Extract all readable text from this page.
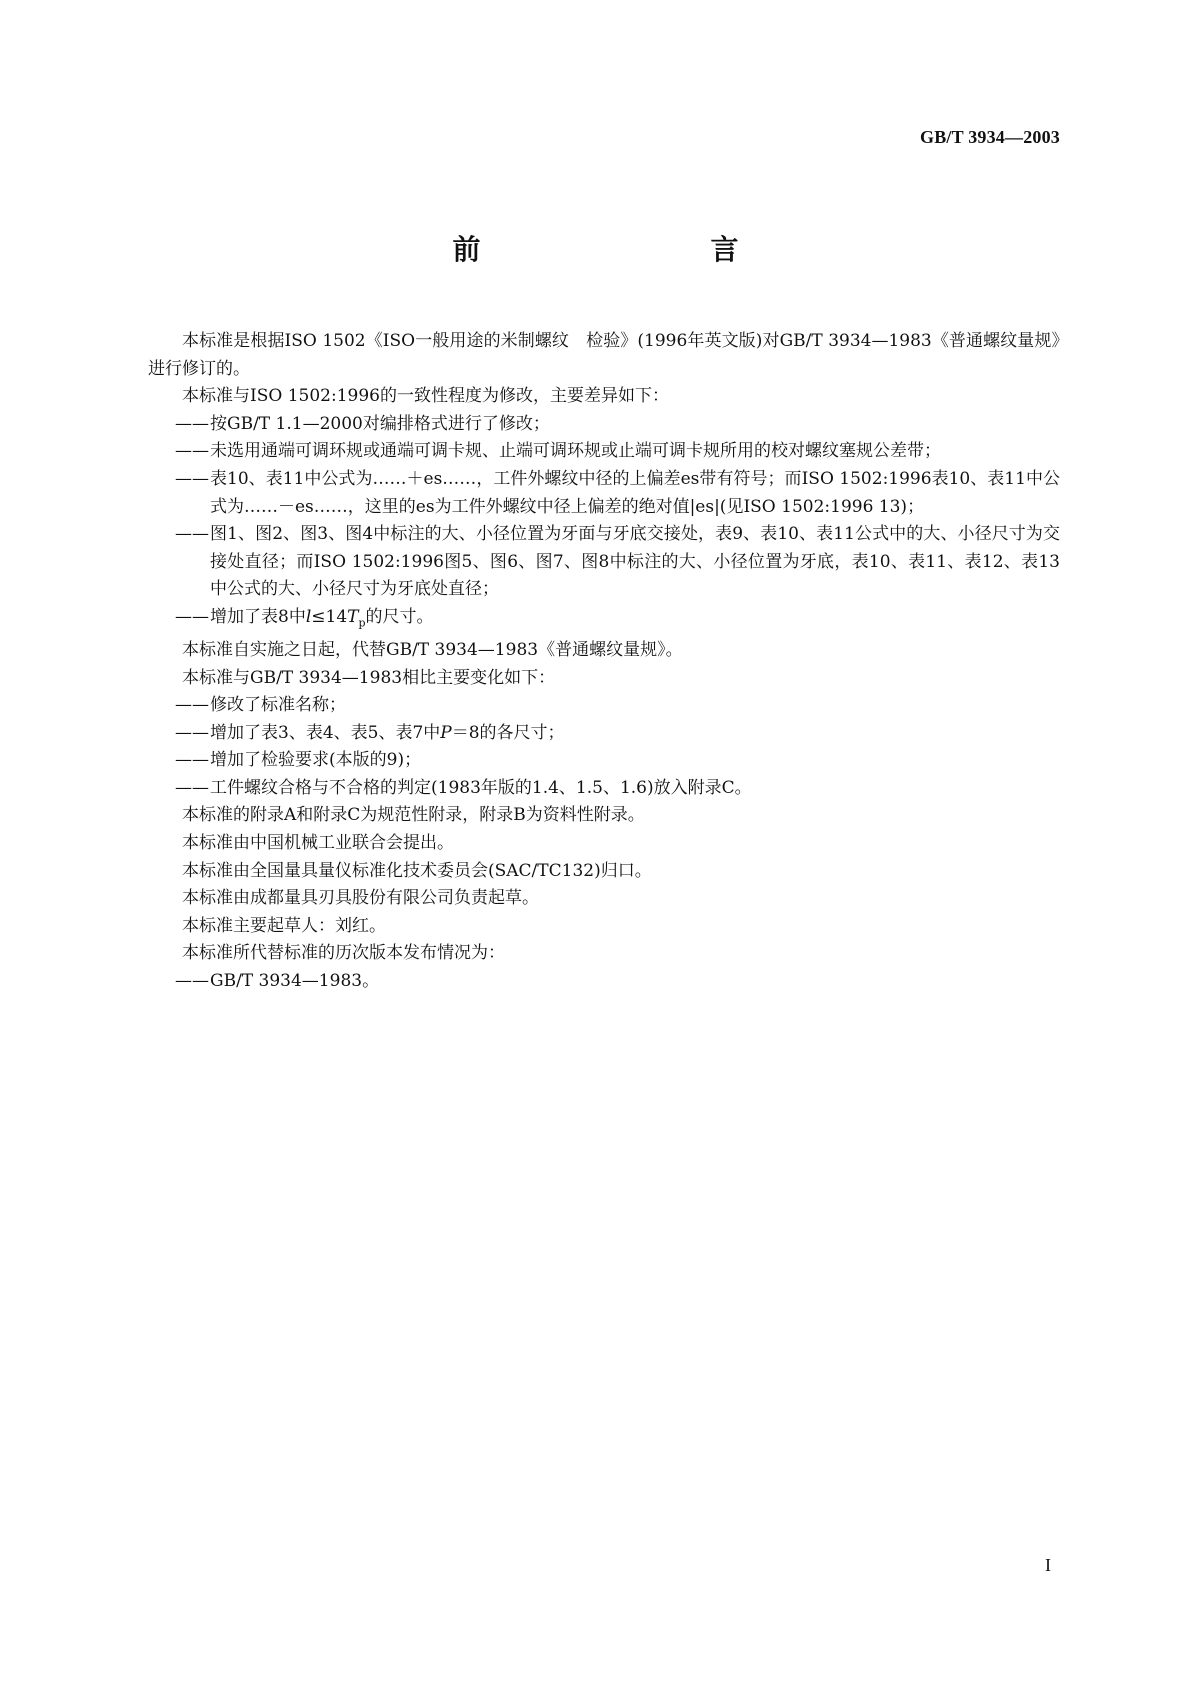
GB/T 3934—2003
前　　言

本标准是根据ISO 1502《ISO一般用途的米制螺纹　检验》(1996年英文版)对GB/T 3934—1983《普通螺纹量规》进行修订的。

本标准与ISO 1502:1996的一致性程度为修改，主要差异如下：

—— 按GB/T 1.1—2000对编排格式进行了修改；

—— 未选用通端可调环规或通端可调卡规、止端可调环规或止端可调卡规所用的校对螺纹塞规公差带；

—— 表10、表11中公式为……＋es……，工件外螺纹中径的上偏差es带有符号；而ISO 1502:1996表10、表11中公式为……－es……，这里的es为工件外螺纹中径上偏差的绝对值|es|(见ISO 1502:1996 13)；

—— 图1、图2、图3、图4中标注的大、小径位置为牙面与牙底交接处，表9、表10、表11公式中的大、小径尺寸为交接处直径；而ISO 1502:1996图5、图6、图7、图8中标注的大、小径位置为牙底，表10、表11、表12、表13中公式的大、小径尺寸为牙底处直径；

—— 增加了表8中$l\le 14T_p$的尺寸。

本标准自实施之日起，代替GB/T 3934—1983《普通螺纹量规》。

本标准与GB/T 3934—1983相比主要变化如下：

—— 修改了标准名称；

—— 增加了表3、表4、表5、表7中P＝8的各尺寸；

—— 增加了检验要求(本版的9)；

—— 工件螺纹合格与不合格的判定(1983年版的1.4、1.5、1.6)放入附录C。

本标准的附录A和附录C为规范性附录，附录B为资料性附录。

本标准由中国机械工业联合会提出。

本标准由全国量具量仪标准化技术委员会(SAC/TC132)归口。

本标准由成都量具刃具股份有限公司负责起草。

本标准主要起草人：刘红。

本标准所代替标准的历次版本发布情况为：

—— GB/T 3934—1983。

I
